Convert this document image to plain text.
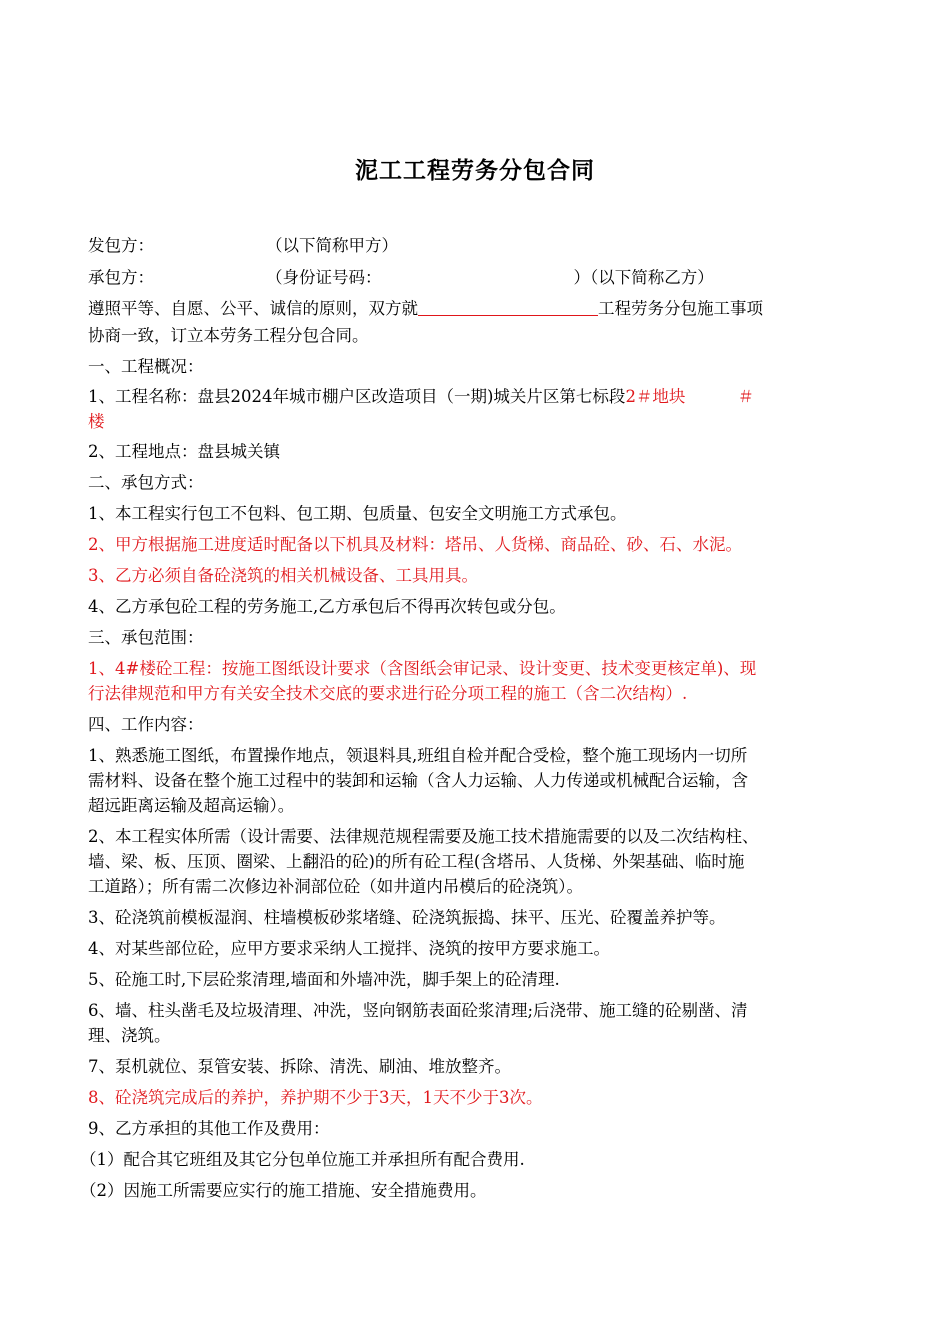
泥工工程劳务分包合同
发包方：	（以下简称甲方）
承包方：	（身份证号码：	）（以下简称乙方）
遵照平等、自愿、公平、诚信的原则，双方就	工程劳务分包施工事项
协商一致，订立本劳务工程分包合同。
一、工程概况：
1、工程名称：盘县2024年城市棚户区改造项目（一期)城关片区第七标段2＃地块	＃
楼
2、工程地点：盘县城关镇
二、承包方式：
1、本工程实行包工不包料、包工期、包质量、包安全文明施工方式承包。
2、甲方根据施工进度适时配备以下机具及材料：塔吊、人货梯、商品砼、砂、石、水泥。
3、乙方必须自备砼浇筑的相关机械设备、工具用具。
4、乙方承包砼工程的劳务施工,乙方承包后不得再次转包或分包。
三、承包范围：
1、4#楼砼工程：按施工图纸设计要求（含图纸会审记录、设计变更、技术变更核定单)、现
行法律规范和甲方有关安全技术交底的要求进行砼分项工程的施工（含二次结构）.
四、工作内容：
1、熟悉施工图纸，布置操作地点，领退料具,班组自检并配合受检，整个施工现场内一切所
需材料、设备在整个施工过程中的装卸和运输（含人力运输、人力传递或机械配合运输，含
超远距离运输及超高运输）。
2、本工程实体所需（设计需要、法律规范规程需要及施工技术措施需要的以及二次结构柱、
墙、梁、板、压顶、圈梁、上翻沿的砼)的所有砼工程(含塔吊、人货梯、外架基础、临时施
工道路）；所有需二次修边补洞部位砼（如井道内吊模后的砼浇筑）。
3、砼浇筑前模板湿润、柱墙模板砂浆堵缝、砼浇筑振捣、抹平、压光、砼覆盖养护等。
4、对某些部位砼，应甲方要求采纳人工搅拌、浇筑的按甲方要求施工。
5、砼施工时,下层砼浆清理,墙面和外墙冲洗，脚手架上的砼清理.
6、墙、柱头凿毛及垃圾清理、冲洗，竖向钢筋表面砼浆清理;后浇带、施工缝的砼剔凿、清
理、浇筑。
7、泵机就位、泵管安装、拆除、清洗、刷油、堆放整齐。
8、砼浇筑完成后的养护，养护期不少于3天，1天不少于3次。
9、乙方承担的其他工作及费用：
（1）配合其它班组及其它分包单位施工并承担所有配合费用.
（2）因施工所需要应实行的施工措施、安全措施费用。
